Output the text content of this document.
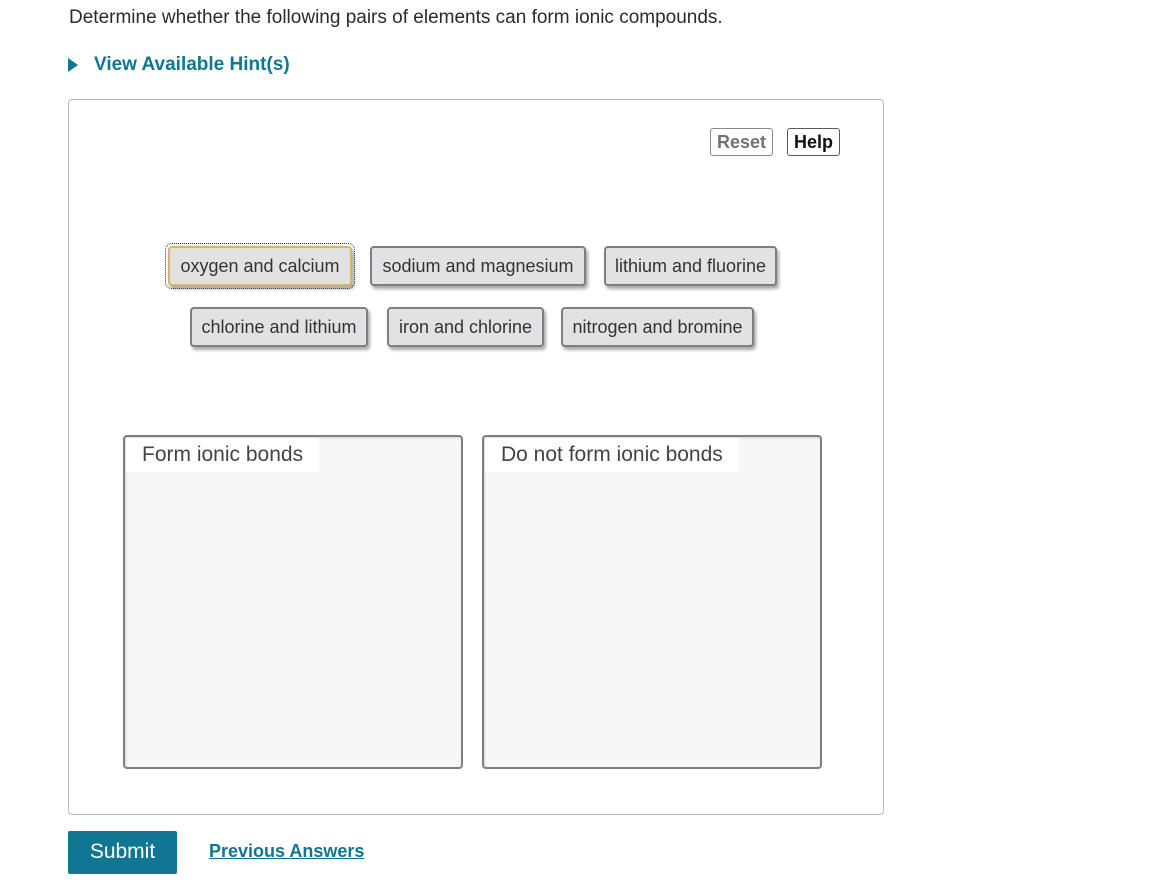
Determine whether the following pairs of elements can form ionic compounds.
View Available Hint(s)
Reset	Help
oxygen and calcium	sodium and magnesium	lithium and fluorine
chlorine and lithium	iron and chlorine	nitrogen and bromine
Form ionic bonds	Do not form ionic bonds
Submit	Previous Answers
